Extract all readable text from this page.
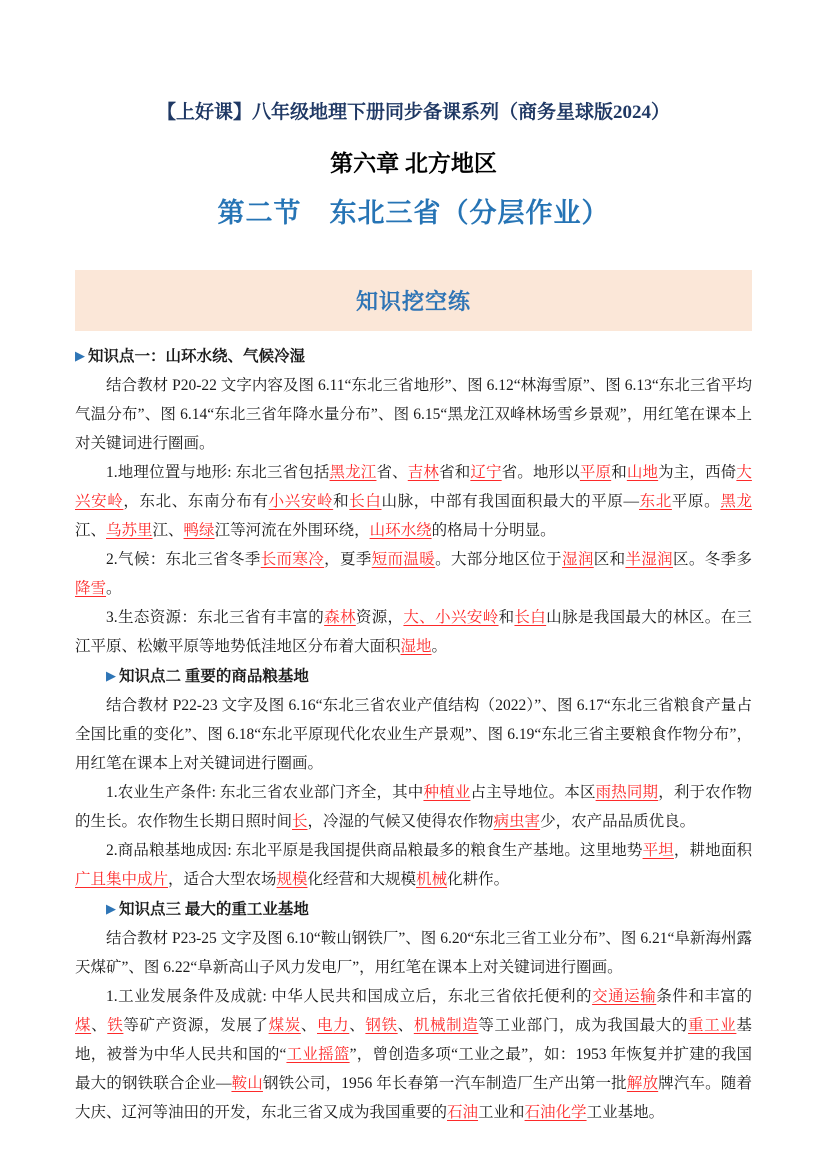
【上好课】八年级地理下册同步备课系列（商务星球版2024）
第六章 北方地区
第二节　东北三省（分层作业）
知识挖空练
▶ 知识点一：山环水绕、气候冷湿
结合教材 P20-22 文字内容及图 6.11“东北三省地形”、图 6.12“林海雪原”、图 6.13“东北三省平均气温分布”、图 6.14“东北三省年降水量分布”、图 6.15“黑龙江双峰林场雪乡景观”，用红笔在课本上对关键词进行圈画。
1.地理位置与地形: 东北三省包括黑龙江省、吉林省和辽宁省。地形以平原和山地为主，西倚大兴安岭，东北、东南分布有小兴安岭和长白山脉，中部有我国面积最大的平原—东北平原。黑龙江、乌苏里江、鸭绿江等河流在外围环绕，山环水绕的格局十分明显。
2.气候：东北三省冬季长而寒冷，夏季短而温暖。大部分地区位于湿润区和半湿润区。冬季多降雪。
3.生态资源：东北三省有丰富的森林资源，大、小兴安岭和长白山脉是我国最大的林区。在三江平原、松嫩平原等地势低洼地区分布着大面积湿地。
▶ 知识点二 重要的商品粮基地
结合教材 P22-23 文字及图 6.16“东北三省农业产值结构（2022）”、图 6.17“东北三省粮食产量占全国比重的变化”、图 6.18“东北平原现代化农业生产景观”、图 6.19“东北三省主要粮食作物分布”，用红笔在课本上对关键词进行圈画。
1.农业生产条件: 东北三省农业部门齐全，其中种植业占主导地位。本区雨热同期，利于农作物的生长。农作物生长期日照时间长，冷湿的气候又使得农作物病虫害少，农产品品质优良。
2.商品粮基地成因: 东北平原是我国提供商品粮最多的粮食生产基地。这里地势平坦，耕地面积广且集中成片，适合大型农场规模化经营和大规模机械化耕作。
▶ 知识点三 最大的重工业基地
结合教材 P23-25 文字及图 6.10“鞍山钢铁厂”、图 6.20“东北三省工业分布”、图 6.21“阜新海州露天煤矿”、图 6.22“阜新高山子风力发电厂”，用红笔在课本上对关键词进行圈画。
1.工业发展条件及成就: 中华人民共和国成立后，东北三省依托便利的交通运输条件和丰富的煤、铁等矿产资源，发展了煤炭、电力、钢铁、机械制造等工业部门，成为我国最大的重工业基地，被誉为中华人民共和国的“工业摇篮”，曾创造多项“工业之最”，如：1953 年恢复并扩建的我国最大的钢铁联合企业—鞍山钢铁公司，1956 年长春第一汽车制造厂生产出第一批解放牌汽车。随着大庆、辽河等油田的开发，东北三省又成为我国重要的石油工业和石油化学工业基地。
